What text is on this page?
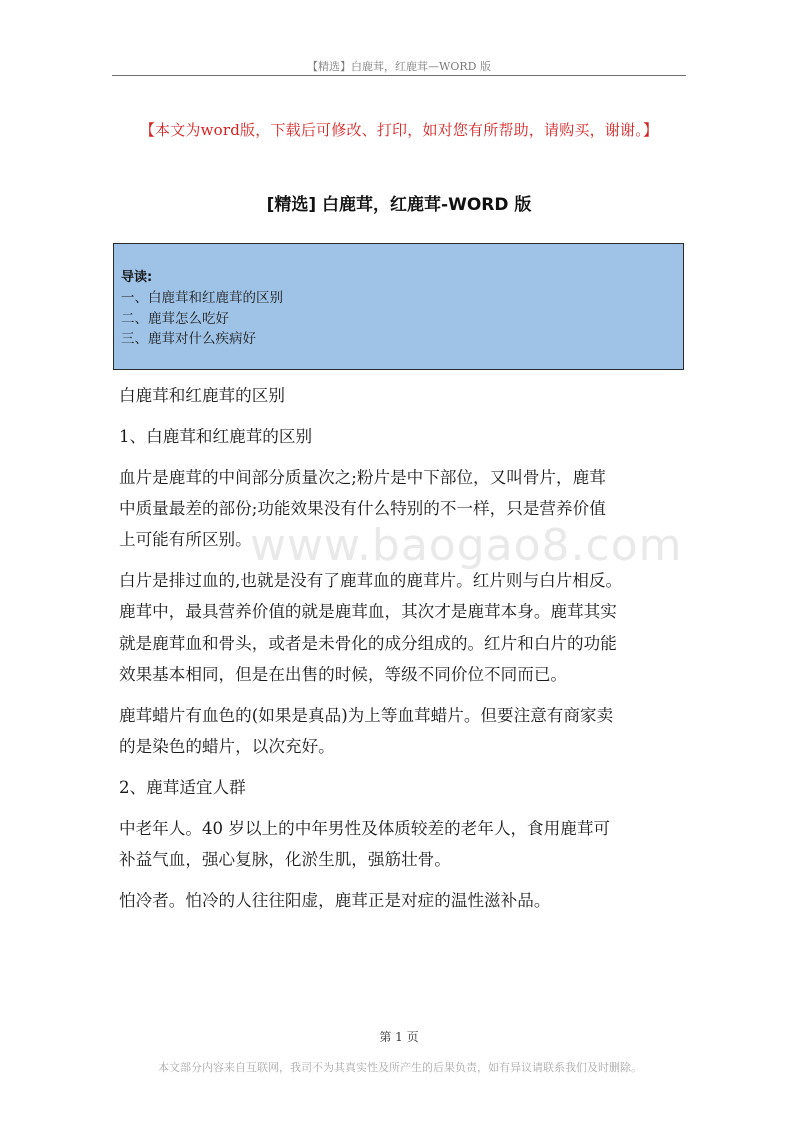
【精选】白鹿茸，红鹿茸—WORD 版
【本文为word版，下载后可修改、打印，如对您有所帮助，请购买，谢谢。】
[精选] 白鹿茸，红鹿茸-WORD 版
导读:
一、白鹿茸和红鹿茸的区别
二、鹿茸怎么吃好
三、鹿茸对什么疾病好
www.baogao8.com

白鹿茸和红鹿茸的区别

1、白鹿茸和红鹿茸的区别

血片是鹿茸的中间部分质量次之;粉片是中下部位，又叫骨片，鹿茸

中质量最差的部份;功能效果没有什么特别的不一样，只是营养价值

上可能有所区别。

白片是排过血的,也就是没有了鹿茸血的鹿茸片。红片则与白片相反。

鹿茸中，最具营养价值的就是鹿茸血，其次才是鹿茸本身。鹿茸其实

就是鹿茸血和骨头，或者是未骨化的成分组成的。红片和白片的功能

效果基本相同，但是在出售的时候，等级不同价位不同而已。

鹿茸蜡片有血色的(如果是真品)为上等血茸蜡片。但要注意有商家卖

的是染色的蜡片，以次充好。

2、鹿茸适宜人群

中老年人。40 岁以上的中年男性及体质较差的老年人，食用鹿茸可

补益气血，强心复脉，化淤生肌，强筋壮骨。

怕冷者。怕冷的人往往阳虚，鹿茸正是对症的温性滋补品。

第 1 页
本文部分内容来自互联网，我司不为其真实性及所产生的后果负责，如有异议请联系我们及时删除。
